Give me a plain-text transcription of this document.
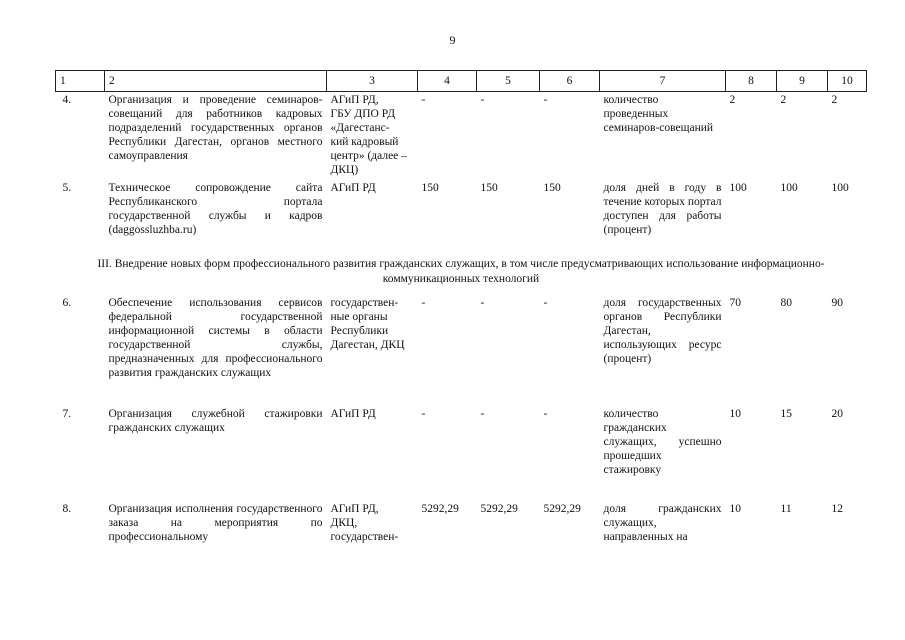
9
1	2	3	4	5	6	7	8	9	10
4.	Организация и проведение семинаров-совещаний для работников кадровых подразделений государственных органов Республики Дагестан, органов местного самоуправления	АГиП РД,
ГБУ ДПО РД «Дагестанс-
кий кадровый центр» (далее – ДКЦ)	-	-	-	количество проведенных семинаров-совещаний	2	2	2
5.	Техническое сопровождение сайта Республиканского портала государственной службы и кадров (daggossluzhba.ru)	АГиП РД	150	150	150	доля дней в году в течение которых портал доступен для работы (процент)	100	100	100
III. Внедрение новых форм профессионального развития гражданских служащих, в том числе предусматривающих использование информационно-коммуникационных технологий									
6.	Обеспечение использования сервисов федеральной государственной информационной системы в области государственной службы, предназначенных для профессионального развития гражданских служащих	государствен-
ные органы Республики Дагестан, ДКЦ	-	-	-	доля государственных органов Республики Дагестан, использующих ресурс (процент)	70	80	90
7.	Организация служебной стажировки гражданских служащих	АГиП РД	-	-	-	количество гражданских служащих, успешно прошедших стажировку	10	15	20
8.	Организация исполнения государственного заказа на мероприятия по профессиональному	АГиП РД,
ДКЦ,
государствен-	5292,29	5292,29	5292,29	доля гражданских служащих, направленных на	10	11	12
